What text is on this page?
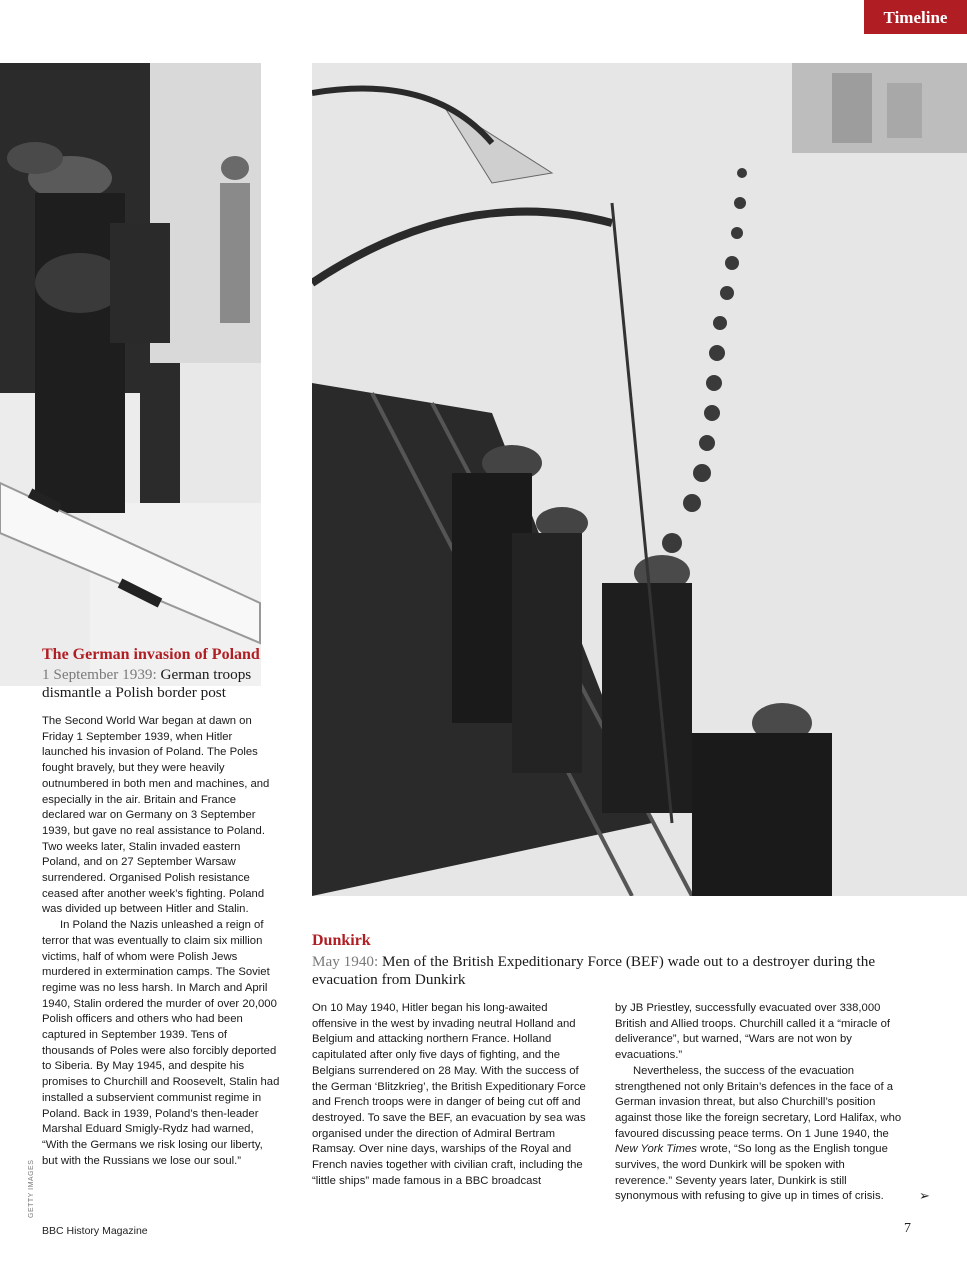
Timeline
The German invasion of Poland

1 September 1939: German troops dismantle a Polish border post

The Second World War began at dawn on Friday 1 September 1939, when Hitler launched his invasion of Poland. The Poles fought bravely, but they were heavily outnumbered in both men and machines, and especially in the air. Britain and France declared war on Germany on 3 September 1939, but gave no real assistance to Poland. Two weeks later, Stalin invaded eastern Poland, and on 27 September Warsaw surrendered. Organised Polish resistance ceased after another week’s fighting. Poland was divided up between Hitler and Stalin.

In Poland the Nazis unleashed a reign of terror that was eventually to claim six million victims, half of whom were Polish Jews murdered in extermination camps. The Soviet regime was no less harsh. In March and April 1940, Stalin ordered the murder of over 20,000 Polish officers and others who had been captured in September 1939. Tens of thousands of Poles were also forcibly deported to Siberia. By May 1945, and despite his promises to Churchill and Roosevelt, Stalin had installed a subservient communist regime in Poland. Back in 1939, Poland’s then-leader Marshal Eduard Smigly-Rydz had warned, “With the Germans we risk losing our liberty, but with the Russians we lose our soul.”

Dunkirk

May 1940: Men of the British Expeditionary Force (BEF) wade out to a destroyer during the evacuation from Dunkirk

On 10 May 1940, Hitler began his long-awaited offensive in the west by invading neutral Holland and Belgium and attacking northern France. Holland capitulated after only five days of fighting, and the Belgians surrendered on 28 May. With the success of the German ‘Blitzkrieg’, the British Expeditionary Force and French troops were in danger of being cut off and destroyed. To save the BEF, an evacuation by sea was organised under the direction of Admiral Bertram Ramsay. Over nine days, warships of the Royal and French navies together with civilian craft, including the “little ships” made famous in a BBC broadcast

by JB Priestley, successfully evacuated over 338,000 British and Allied troops. Churchill called it a “miracle of deliverance”, but warned, “Wars are not won by evacuations.”

Nevertheless, the success of the evacuation strengthened not only Britain’s defences in the face of a German invasion threat, but also Churchill’s position against those like the foreign secretary, Lord Halifax, who favoured discussing peace terms. On 1 June 1940, the New York Times wrote, “So long as the English tongue survives, the word Dunkirk will be spoken with reverence.” Seventy years later, Dunkirk is still synonymous with refusing to give up in times of crisis.

GETTY IMAGES	➢
BBC History Magazine	7
